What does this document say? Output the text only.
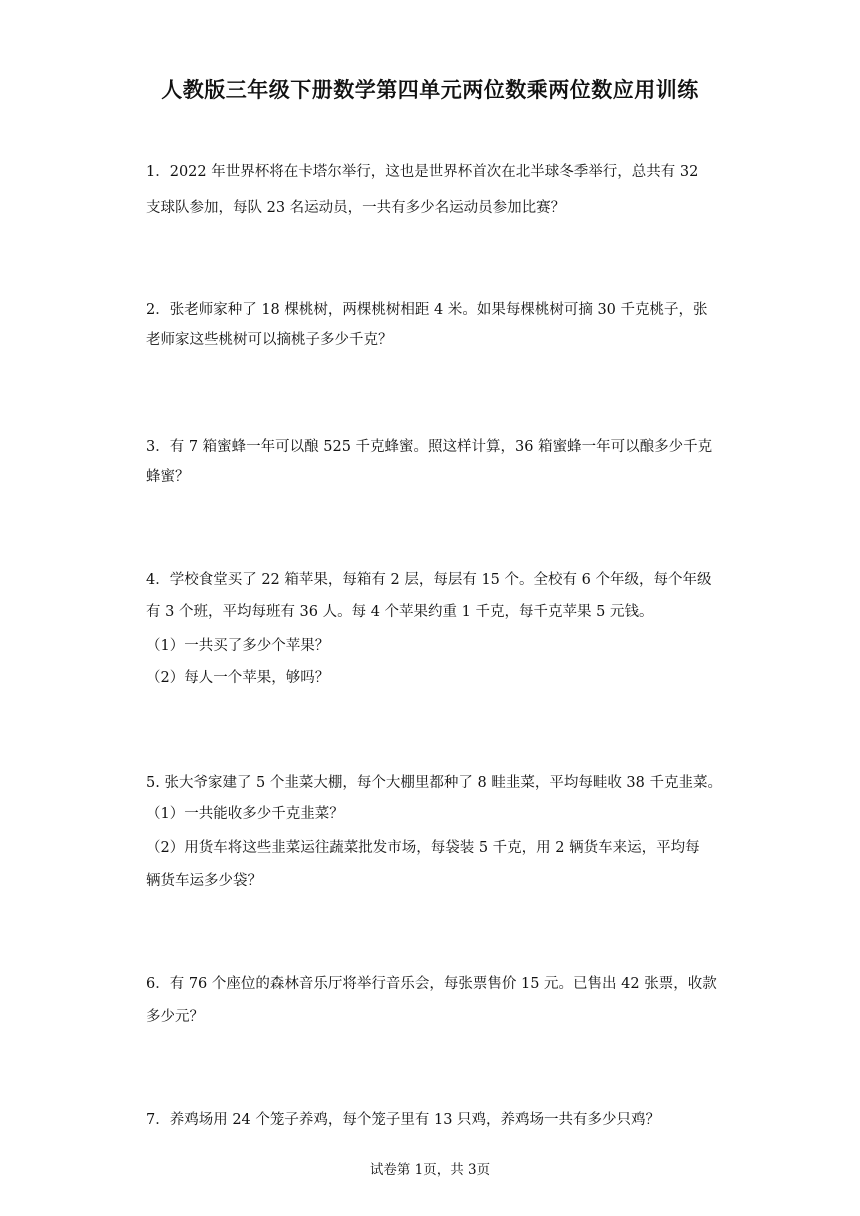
人教版三年级下册数学第四单元两位数乘两位数应用训练
1．2022 年世界杯将在卡塔尔举行，这也是世界杯首次在北半球冬季举行，总共有 32
支球队参加，每队 23 名运动员，一共有多少名运动员参加比赛？
2．张老师家种了 18 棵桃树，两棵桃树相距 4 米。如果每棵桃树可摘 30 千克桃子，张
老师家这些桃树可以摘桃子多少千克？
3．有 7 箱蜜蜂一年可以酿 525 千克蜂蜜。照这样计算，36 箱蜜蜂一年可以酿多少千克
蜂蜜？
4．学校食堂买了 22 箱苹果，每箱有 2 层，每层有 15 个。全校有 6 个年级，每个年级
有 3 个班，平均每班有 36 人。每 4 个苹果约重 1 千克，每千克苹果 5 元钱。
（1）一共买了多少个苹果？
（2）每人一个苹果，够吗？
5. 张大爷家建了 5 个韭菜大棚，每个大棚里都种了 8 畦韭菜，平均每畦收 38 千克韭菜。
（1）一共能收多少千克韭菜？
（2）用货车将这些韭菜运往蔬菜批发市场，每袋装 5 千克，用 2 辆货车来运，平均每
辆货车运多少袋？
6．有 76 个座位的森林音乐厅将举行音乐会，每张票售价 15 元。已售出 42 张票，收款
多少元？
7．养鸡场用 24 个笼子养鸡，每个笼子里有 13 只鸡，养鸡场一共有多少只鸡？
试卷第 1页，共 3页
